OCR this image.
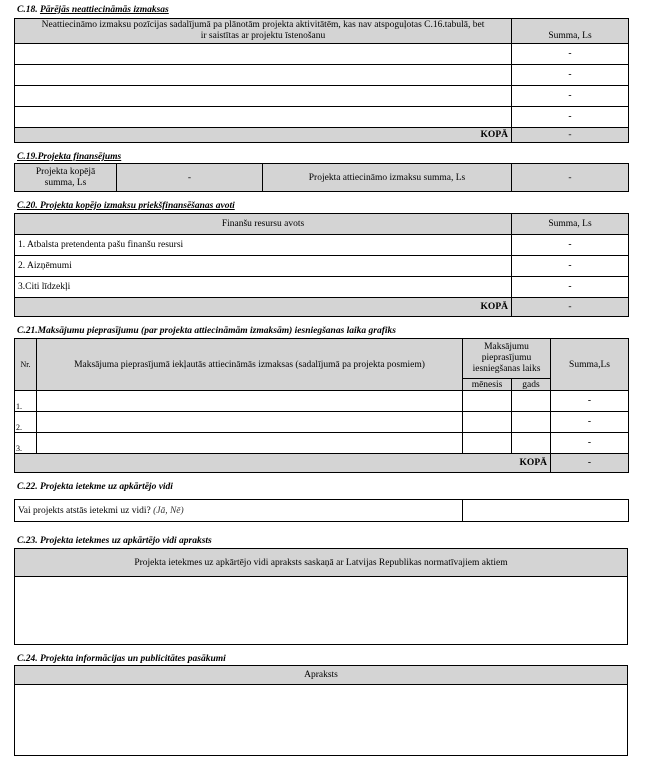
C.18. Pārējās neattiecināmās izmaksas
Neattiecināmo izmaksu pozīcijas sadalījumā pa plānotām projekta aktivitātēm, kas nav atspoguļotas C.16.tabulā, bet
ir saistītas ar projektu īstenošanu	Summa, Ls
	-
	-
	-
	-
KOPĀ	-
C.19.Projekta finansējums
Projekta kopējā
summa, Ls	-	Projekta attiecināmo izmaksu summa, Ls	-
C.20. Projekta kopējo izmaksu priekšfinansēšanas avoti
Finanšu resursu avots	Summa, Ls
1. Atbalsta pretendenta pašu finanšu resursi	-
2. Aizņēmumi	-
3.Citi līdzekļi	-
KOPĀ	-
C.21.Maksājumu pieprasījumu (par projekta attiecināmām izmaksām) iesniegšanas laika grafiks
Nr.	Maksājuma pieprasījumā iekļautās attiecināmās izmaksas (sadalījumā pa projekta posmiem)	Maksājumu
pieprasījumu
iesniegšanas laiks		Summa,Ls
		mēnesis	gads	
1.				-
2.				-
3.				-
KOPĀ				-
C.22. Projekta ietekme uz apkārtējo vidi
Vai projekts atstās ietekmi uz vidi? (Jā, Nē)	
C.23. Projekta ietekmes uz apkārtējo vidi apraksts
Projekta ietekmes uz apkārtējo vidi apraksts saskaņā ar Latvijas Republikas normatīvajiem aktiem

C.24. Projekta informācijas un publicitātes pasākumi
Apraksts
